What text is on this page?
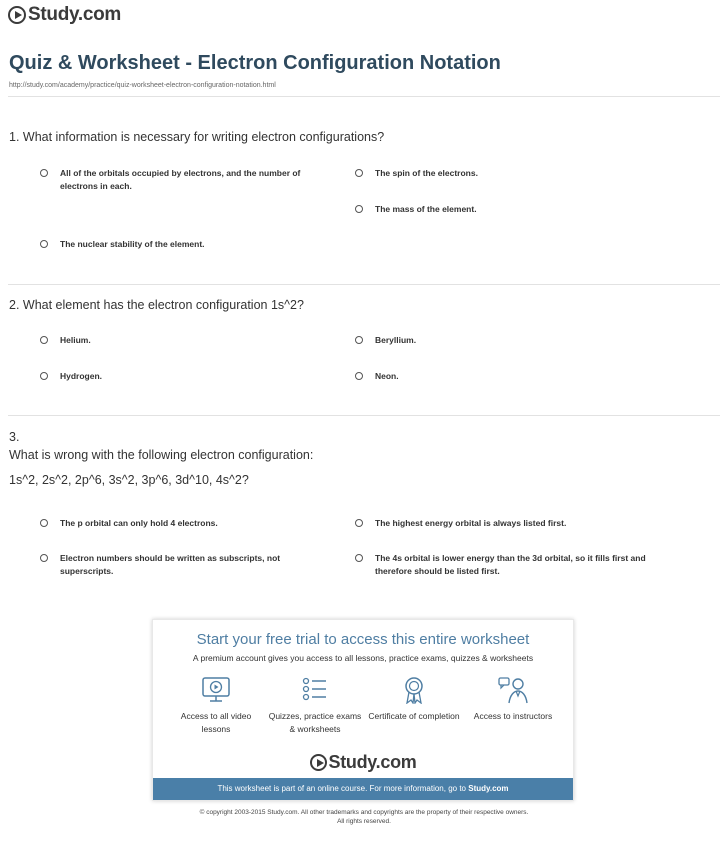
Study.com
Quiz & Worksheet - Electron Configuration Notation
http://study.com/academy/practice/quiz-worksheet-electron-configuration-notation.html

1. What information is necessary for writing electron configurations?

All of the orbitals occupied by electrons, and the number of electrons in each.
The spin of the electrons.
The mass of the element.
The nuclear stability of the element.

2. What element has the electron configuration 1s^2?

Helium.	Beryllium.
Hydrogen.	Neon.

3.

What is wrong with the following electron configuration:

1s^2, 2s^2, 2p^6, 3s^2, 3p^6, 3d^10, 4s^2?

The p orbital can only hold 4 electrons.	The highest energy orbital is always listed first.
Electron numbers should be written as subscripts, not superscripts.
The 4s orbital is lower energy than the 3d orbital, so it fills first and therefore should be listed first.
Start your free trial to access this entire worksheet
A premium account gives you access to all lessons, practice exams, quizzes & worksheets
Access to all video lessons
Quizzes, practice exams & worksheets
Certificate of completion	Access to instructors
Study.com
This worksheet is part of an online course. For more information, go to Study.com
© copyright 2003-2015 Study.com. All other trademarks and copyrights are the property of their respective owners.
All rights reserved.
